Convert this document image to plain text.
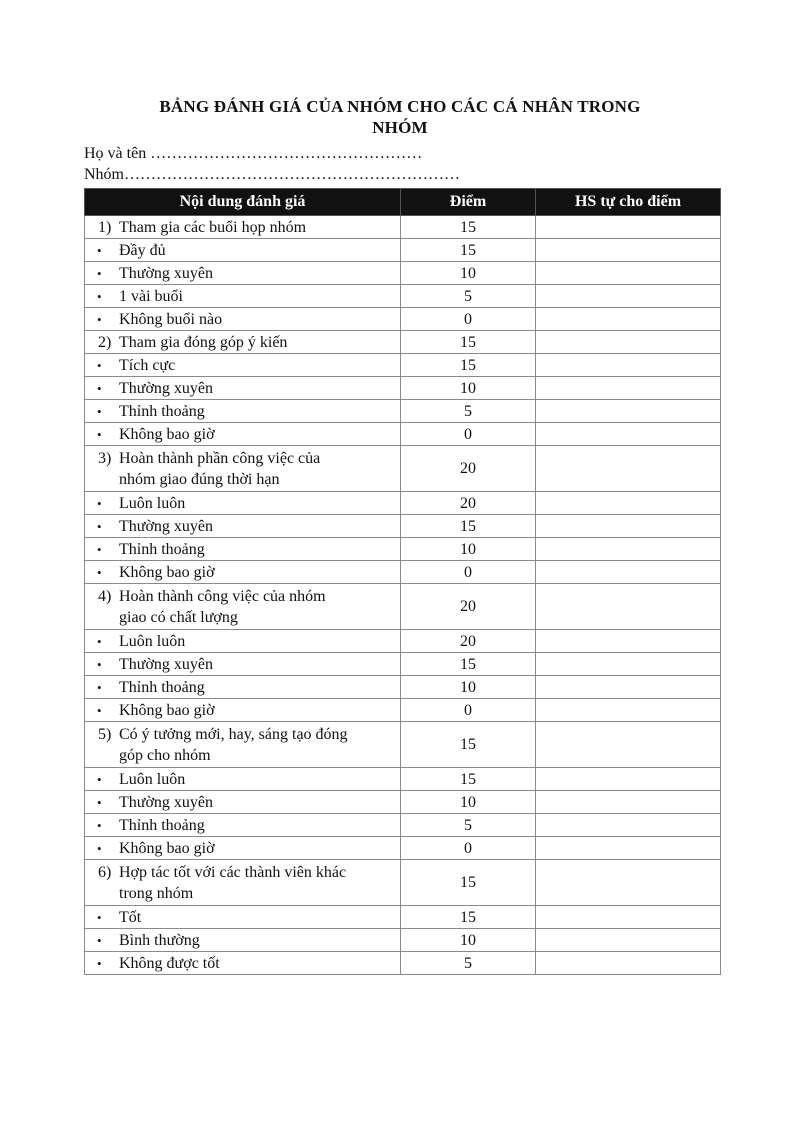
BẢNG ĐÁNH GIÁ CỦA NHÓM CHO CÁC CÁ NHÂN TRONG
NHÓM
Họ và tên ……………………………………………
Nhóm………………………………………………………
Nội dung đánh giá	Điểm	HS tự cho điểm
1) Tham gia các buổi họp nhóm	15	
• Đầy đủ	15	
• Thường xuyên	10	
• 1 vài buổi	5	
• Không buổi nào	0	
2) Tham gia đóng góp ý kiến	15	
• Tích cực	15	
• Thường xuyên	10	
• Thỉnh thoảng	5	
• Không bao giờ	0	
3) Hoàn thành phần công việc của
nhóm giao đúng thời hạn	20	
• Luôn luôn	20	
• Thường xuyên	15	
• Thỉnh thoảng	10	
• Không bao giờ	0	
4) Hoàn thành công việc của nhóm
giao có chất lượng	20	
• Luôn luôn	20	
• Thường xuyên	15	
• Thỉnh thoảng	10	
• Không bao giờ	0	
5) Có ý tưởng mới, hay, sáng tạo đóng
góp cho nhóm	15	
• Luôn luôn	15	
• Thường xuyên	10	
• Thỉnh thoảng	5	
• Không bao giờ	0	
6) Hợp tác tốt với các thành viên khác
trong nhóm	15	
• Tốt	15	
• Bình thường	10	
• Không được tốt	5	
